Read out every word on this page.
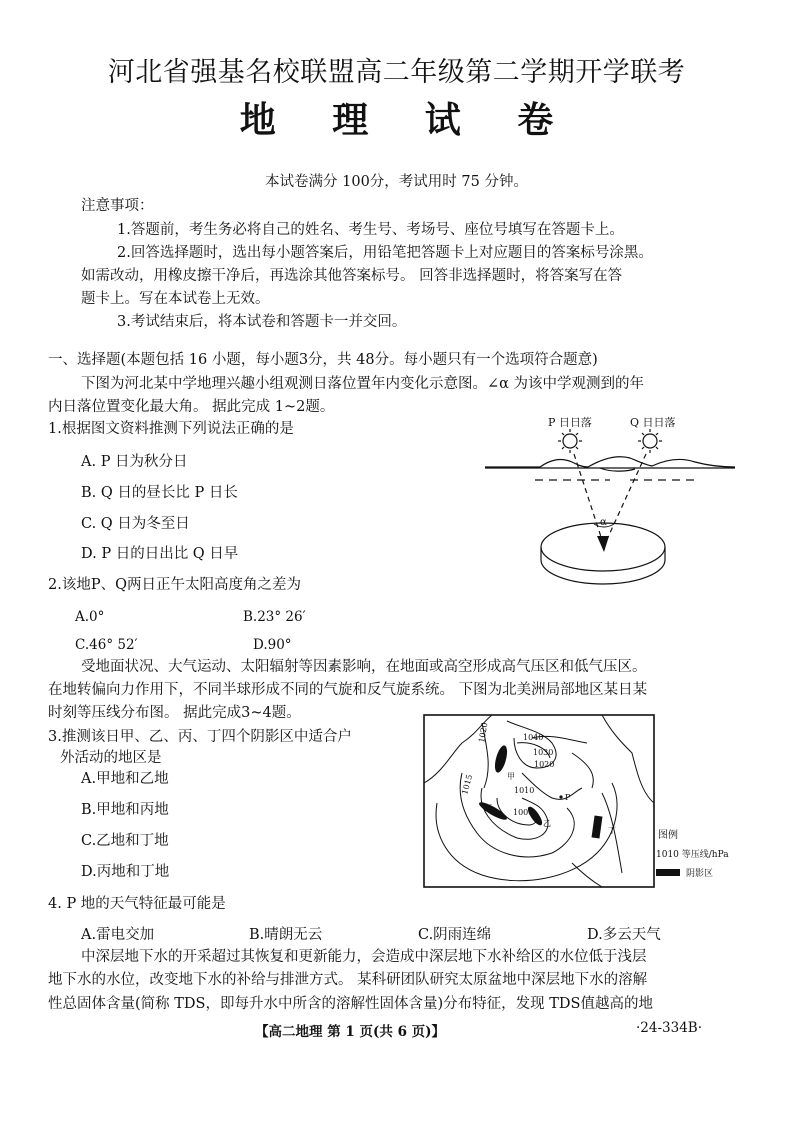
河北省强基名校联盟高二年级第二学期开学联考
地 理 试 卷
本试卷满分 100分，考试用时 75 分钟。
注意事项：
1.答题前，考生务必将自己的姓名、考生号、考场号、座位号填写在答题卡上。
2.回答选择题时，选出每小题答案后，用铅笔把答题卡上对应题目的答案标号涂黑。
如需改动，用橡皮擦干净后，再选涂其他答案标号。 回答非选择题时，将答案写在答
题卡上。写在本试卷上无效。
3.考试结束后，将本试卷和答题卡一并交回。
一、选择题(本题包括 16 小题，每小题3分，共 48分。每小题只有一个选项符合题意)
下图为河北某中学地理兴趣小组观测日落位置年内变化示意图。∠α 为该中学观测到的年
内日落位置变化最大角。 据此完成 1~2题。
1.根据图文资料推测下列说法正确的是
A. P 日为秋分日
B. Q 日的昼长比 P 日长
C. Q 日为冬至日
D. P 日的日出比 Q 日早
P 日日落	Q 日日落
α
2.该地P、Q两日正午太阳高度角之差为
A.0°	B.23° 26′
C.46° 52′	D.90°
受地面状况、大气运动、太阳辐射等因素影响，在地面或高空形成高气压区和低气压区。
在地转偏向力作用下，不同半球形成不同的气旋和反气旋系统。 下图为北美洲局部地区某日某
时刻等压线分布图。 据此完成3~4题。
3.推测该日甲、乙、丙、丁四个阴影区中适合户
外活动的地区是
A.甲地和乙地
B.甲地和丙地
C.乙地和丁地
D.丙地和丁地
1020	1040
1030
1020
1015	1010
1000
甲
乙
丙
丁
P
图例
1010 等压线/hPa
阴影区
4. P 地的天气特征最可能是
A.雷电交加	B.晴朗无云	C.阴雨连绵	D.多云天气
中深层地下水的开采超过其恢复和更新能力，会造成中深层地下水补给区的水位低于浅层
地下水的水位，改变地下水的补给与排泄方式。 某科研团队研究太原盆地中深层地下水的溶解
性总固体含量(简称 TDS，即每升水中所含的溶解性固体含量)分布特征，发现 TDS值越高的地
【高二地理 第 1 页(共 6 页)】	·24-334B·
